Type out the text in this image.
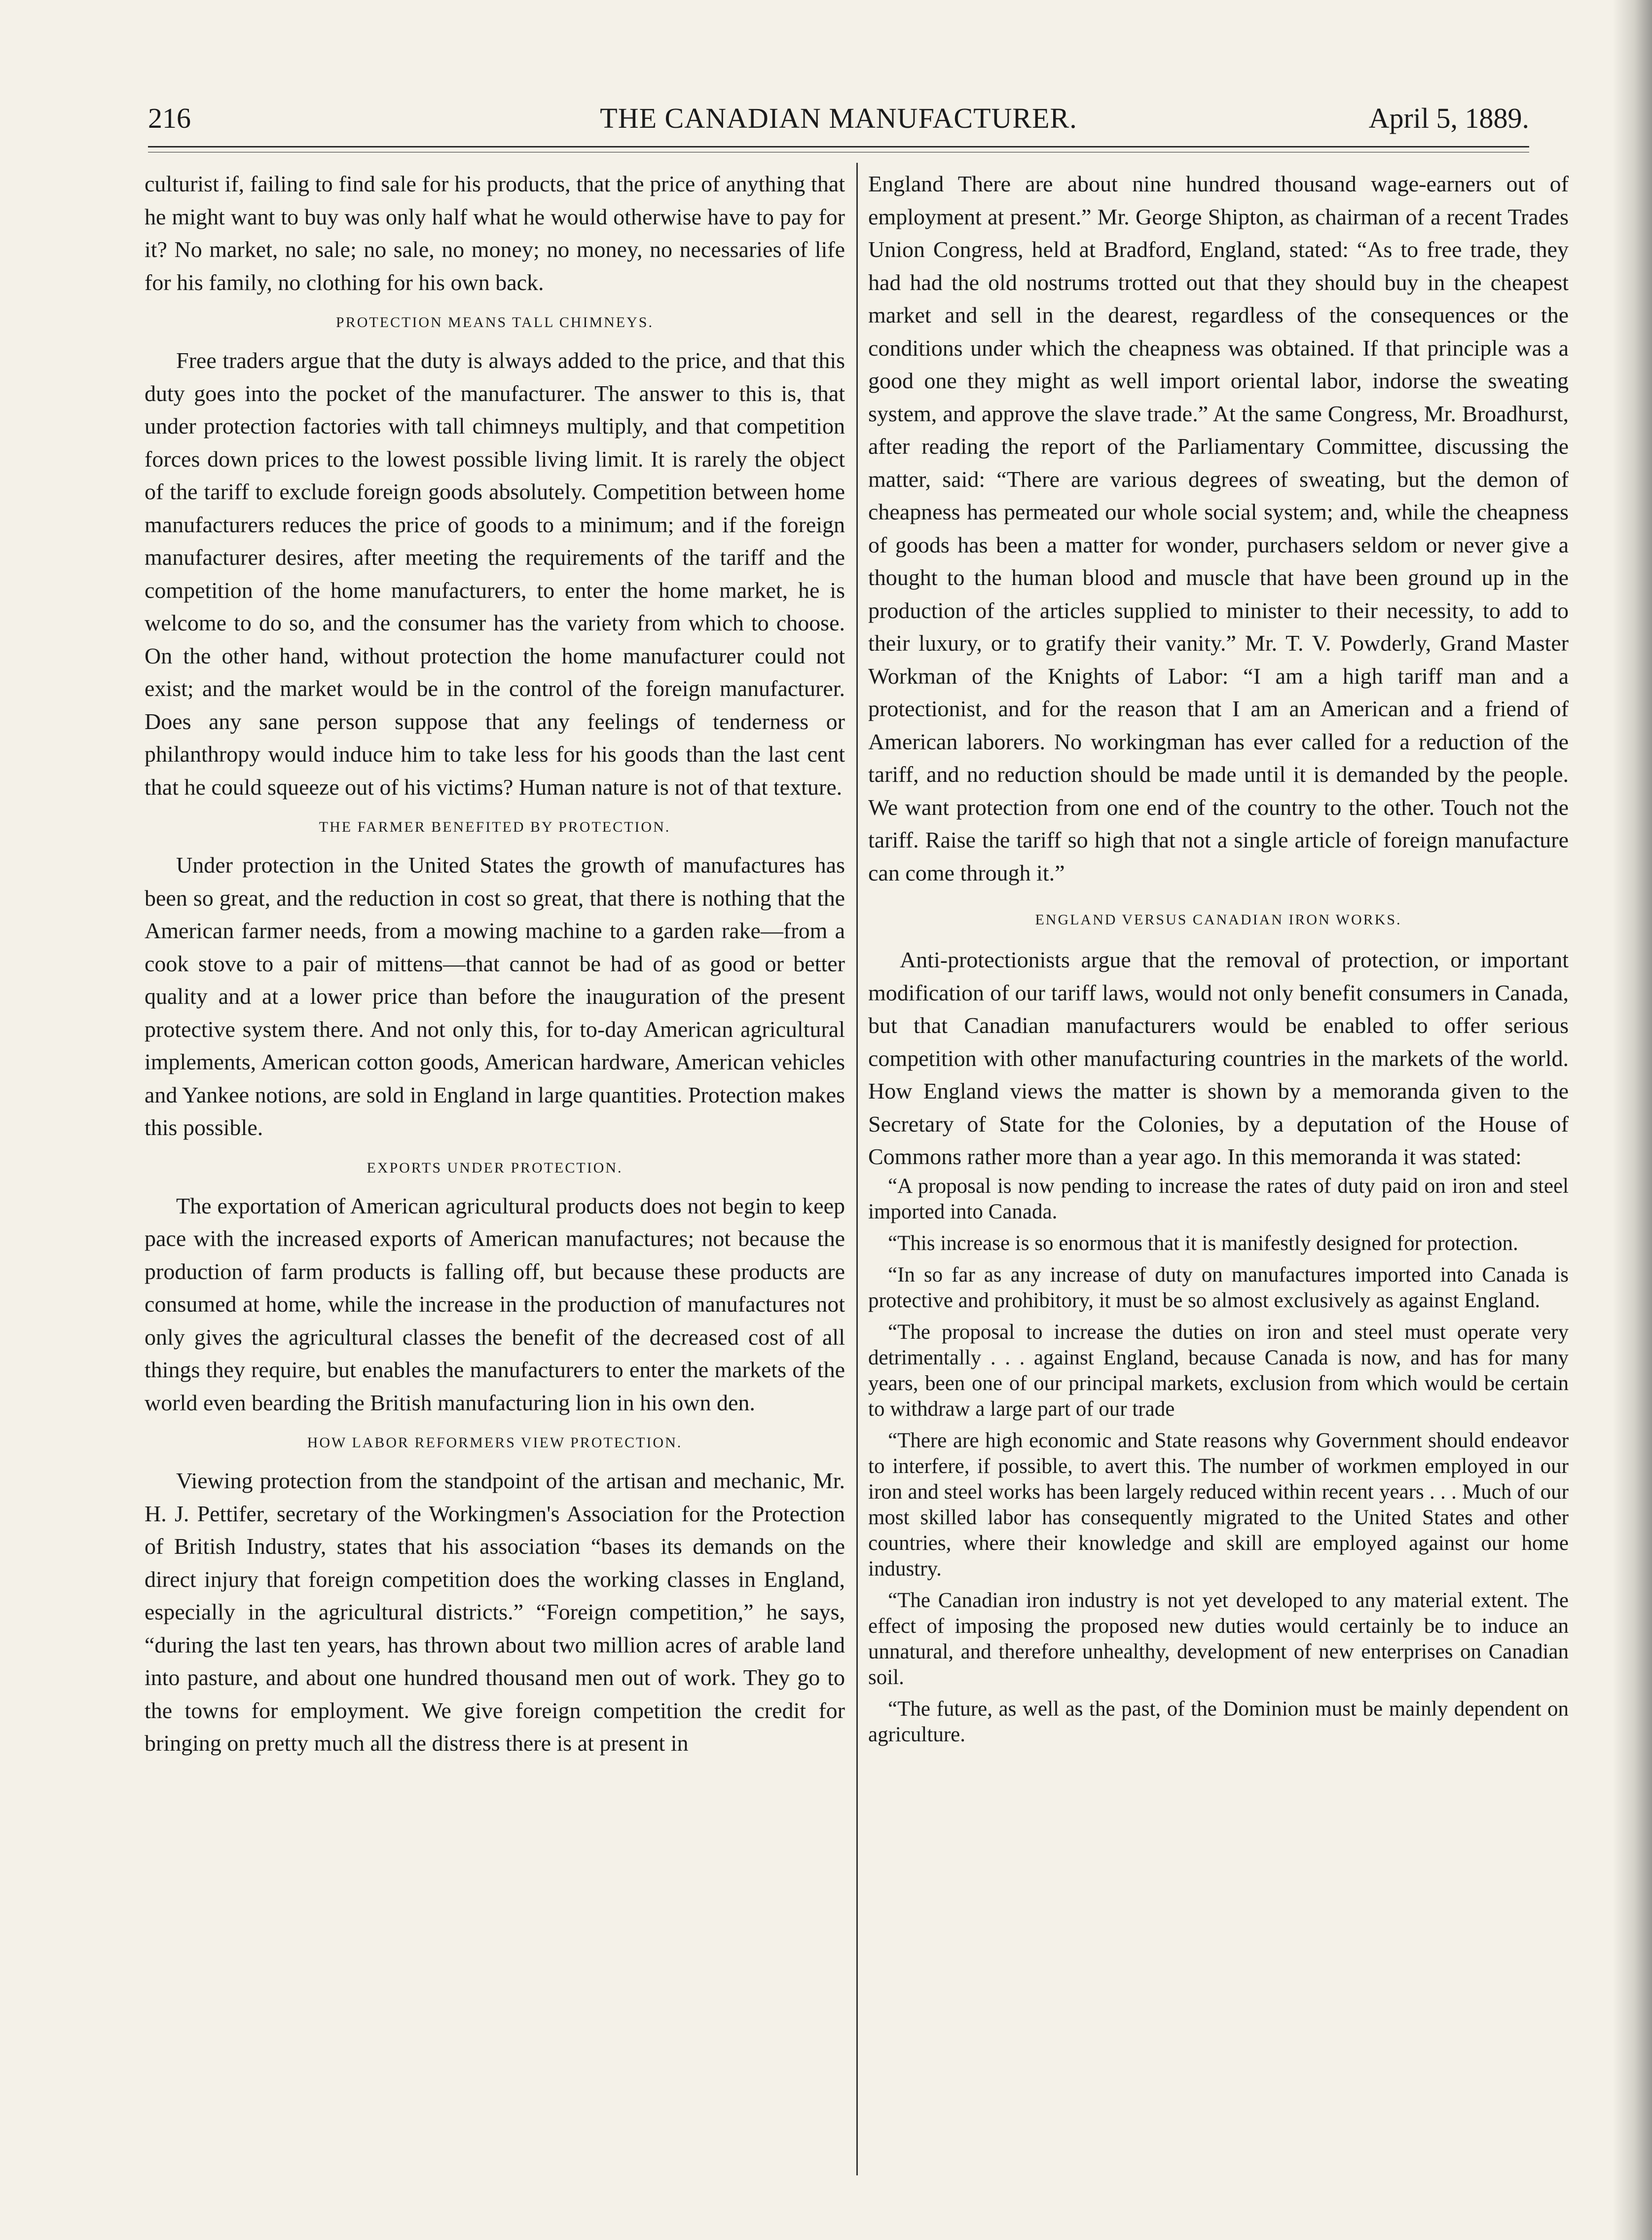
216	THE CANADIAN MANUFACTURER.	April 5, 1889.

culturist if, failing to find sale for his products, that the price of anything that he might want to buy was only half what he would otherwise have to pay for it? No market, no sale; no sale, no money; no money, no necessaries of life for his family, no clothing for his own back.

PROTECTION MEANS TALL CHIMNEYS.

Free traders argue that the duty is always added to the price, and that this duty goes into the pocket of the manufacturer. The answer to this is, that under protection factories with tall chimneys multiply, and that competition forces down prices to the lowest possible living limit. It is rarely the object of the tariff to exclude foreign goods absolutely. Competition between home manufacturers reduces the price of goods to a minimum; and if the foreign manufacturer desires, after meeting the requirements of the tariff and the competition of the home manufacturers, to enter the home market, he is welcome to do so, and the consumer has the variety from which to choose. On the other hand, without protection the home manufacturer could not exist; and the market would be in the control of the foreign manufacturer. Does any sane person suppose that any feelings of tenderness or philanthropy would induce him to take less for his goods than the last cent that he could squeeze out of his victims? Human nature is not of that texture.

THE FARMER BENEFITED BY PROTECTION.

Under protection in the United States the growth of manufactures has been so great, and the reduction in cost so great, that there is nothing that the American farmer needs, from a mowing machine to a garden rake—from a cook stove to a pair of mittens—that cannot be had of as good or better quality and at a lower price than before the inauguration of the present protective system there. And not only this, for to-day American agricultural implements, American cotton goods, American hardware, American vehicles and Yankee notions, are sold in England in large quantities. Protection makes this possible.

EXPORTS UNDER PROTECTION.

The exportation of American agricultural products does not begin to keep pace with the increased exports of American manufactures; not because the production of farm products is falling off, but because these products are consumed at home, while the increase in the production of manufactures not only gives the agricultural classes the benefit of the decreased cost of all things they require, but enables the manufacturers to enter the markets of the world even bearding the British manufacturing lion in his own den.

HOW LABOR REFORMERS VIEW PROTECTION.

Viewing protection from the standpoint of the artisan and mechanic, Mr. H. J. Pettifer, secretary of the Workingmen's Association for the Protection of British Industry, states that his association “bases its demands on the direct injury that foreign competition does the working classes in England, especially in the agricultural districts.” “Foreign competition,” he says, “during the last ten years, has thrown about two million acres of arable land into pasture, and about one hundred thousand men out of work. They go to the towns for employment. We give foreign competition the credit for bringing on pretty much all the distress there is at present in

England There are about nine hundred thousand wage-earners out of employment at present.” Mr. George Shipton, as chairman of a recent Trades Union Congress, held at Bradford, England, stated: “As to free trade, they had had the old nostrums trotted out that they should buy in the cheapest market and sell in the dearest, regardless of the consequences or the conditions under which the cheapness was obtained. If that principle was a good one they might as well import oriental labor, indorse the sweating system, and approve the slave trade.” At the same Congress, Mr. Broadhurst, after reading the report of the Parliamentary Committee, discussing the matter, said: “There are various degrees of sweating, but the demon of cheapness has permeated our whole social system; and, while the cheapness of goods has been a matter for wonder, purchasers seldom or never give a thought to the human blood and muscle that have been ground up in the production of the articles supplied to minister to their necessity, to add to their luxury, or to gratify their vanity.” Mr. T. V. Powderly, Grand Master Workman of the Knights of Labor: “I am a high tariff man and a protectionist, and for the reason that I am an American and a friend of American laborers. No workingman has ever called for a reduction of the tariff, and no reduction should be made until it is demanded by the people. We want protection from one end of the country to the other. Touch not the tariff. Raise the tariff so high that not a single article of foreign manufacture can come through it.”

ENGLAND VERSUS CANADIAN IRON WORKS.

Anti-protectionists argue that the removal of protection, or important modification of our tariff laws, would not only benefit consumers in Canada, but that Canadian manufacturers would be enabled to offer serious competition with other manufacturing countries in the markets of the world. How England views the matter is shown by a memoranda given to the Secretary of State for the Colonies, by a deputation of the House of Commons rather more than a year ago. In this memoranda it was stated:

“A proposal is now pending to increase the rates of duty paid on iron and steel imported into Canada.

“This increase is so enormous that it is manifestly designed for protection.

“In so far as any increase of duty on manufactures imported into Canada is protective and prohibitory, it must be so almost exclusively as against England.

“The proposal to increase the duties on iron and steel must operate very detrimentally . . . against England, because Canada is now, and has for many years, been one of our principal markets, exclusion from which would be certain to withdraw a large part of our trade

“There are high economic and State reasons why Government should endeavor to interfere, if possible, to avert this. The number of workmen employed in our iron and steel works has been largely reduced within recent years . . . Much of our most skilled labor has consequently migrated to the United States and other countries, where their knowledge and skill are employed against our home industry.

“The Canadian iron industry is not yet developed to any material extent. The effect of imposing the proposed new duties would certainly be to induce an unnatural, and therefore unhealthy, development of new enterprises on Canadian soil.

“The future, as well as the past, of the Dominion must be mainly dependent on agriculture.
